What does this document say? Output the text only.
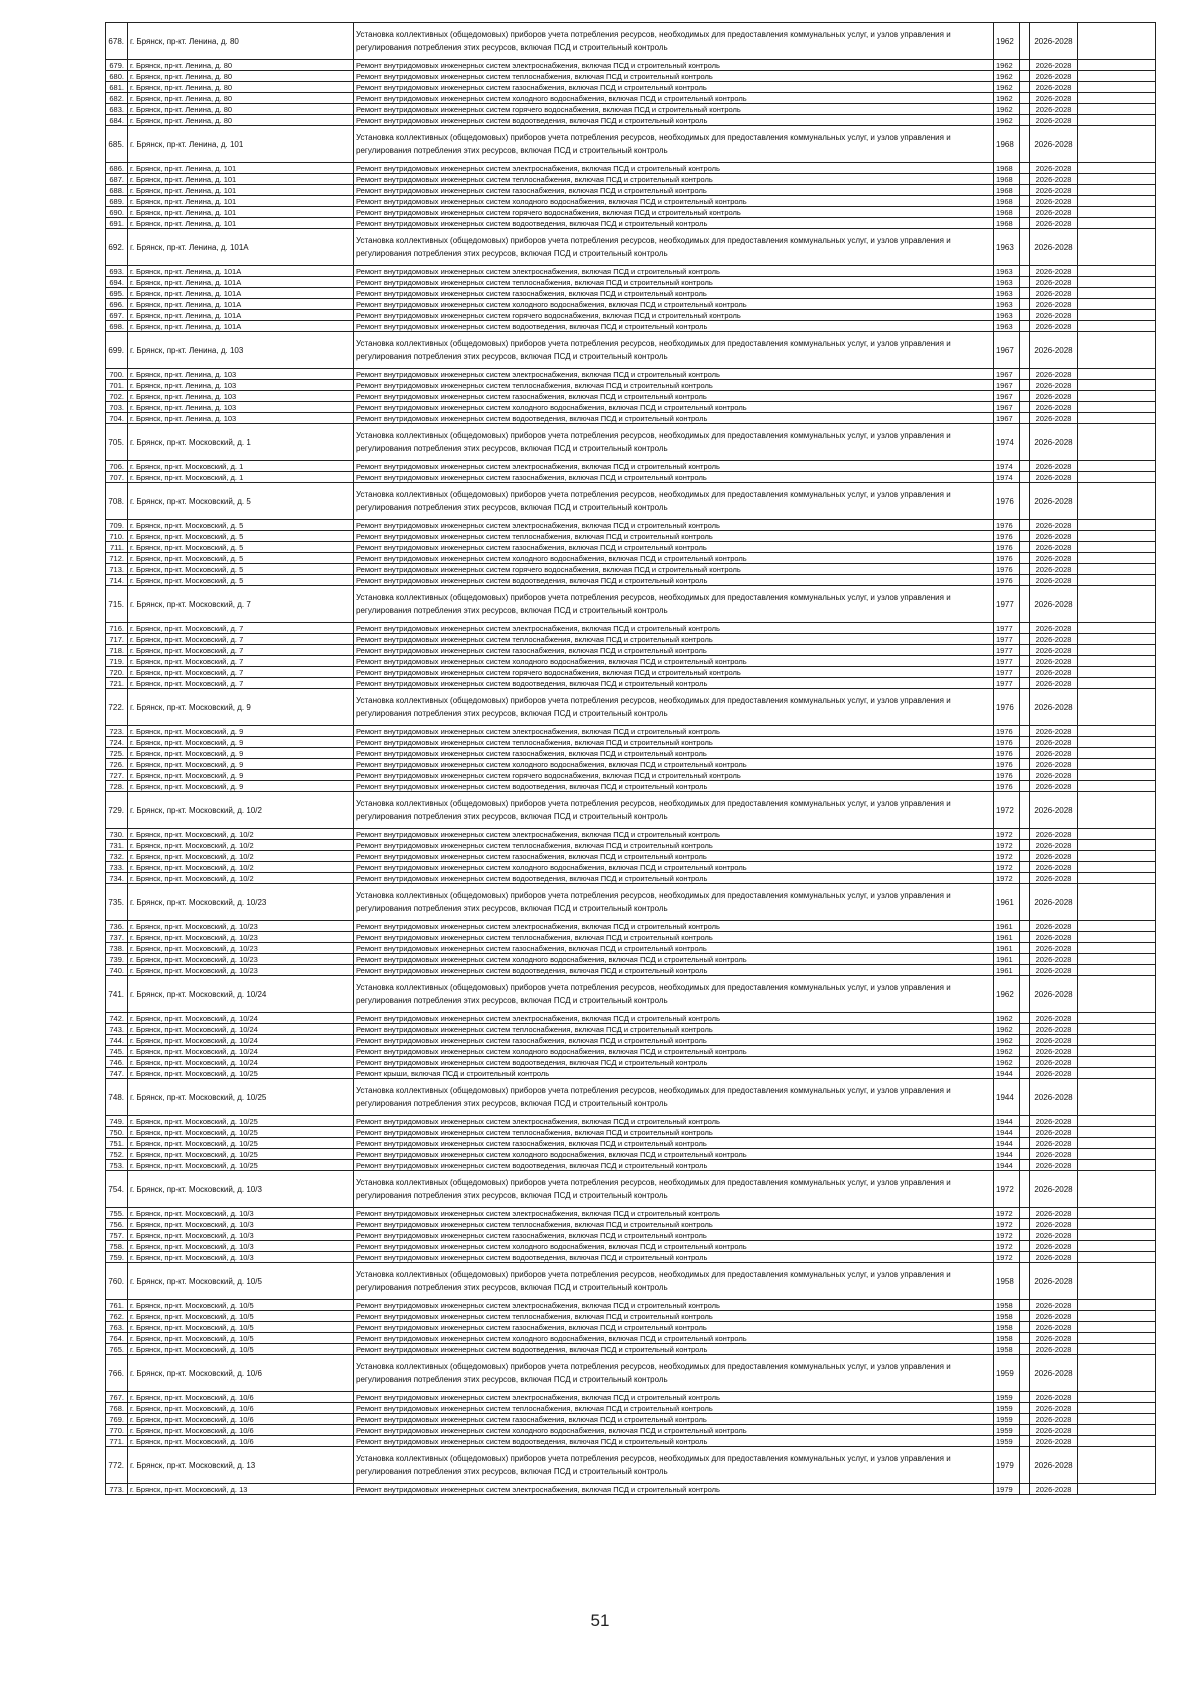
678.	г. Брянск, пр-кт. Ленина, д. 80	Установка коллективных (общедомовых) приборов учета потребления ресурсов, необходимых для предоставления коммунальных услуг, и узлов управления и регулирования потребления этих ресурсов, включая ПСД и строительный контроль	1962		2026-2028	
679.	г. Брянск, пр-кт. Ленина, д. 80	Ремонт внутридомовых инженерных систем электроснабжения, включая ПСД и строительный контроль	1962		2026-2028	
680.	г. Брянск, пр-кт. Ленина, д. 80	Ремонт внутридомовых инженерных систем теплоснабжения, включая ПСД и строительный контроль	1962		2026-2028	
681.	г. Брянск, пр-кт. Ленина, д. 80	Ремонт внутридомовых инженерных систем газоснабжения, включая ПСД и строительный контроль	1962		2026-2028	
682.	г. Брянск, пр-кт. Ленина, д. 80	Ремонт внутридомовых инженерных систем холодного водоснабжения, включая ПСД и строительный контроль	1962		2026-2028	
683.	г. Брянск, пр-кт. Ленина, д. 80	Ремонт внутридомовых инженерных систем горячего водоснабжения, включая ПСД и строительный контроль	1962		2026-2028	
684.	г. Брянск, пр-кт. Ленина, д. 80	Ремонт внутридомовых инженерных систем водоотведения, включая ПСД и строительный контроль	1962		2026-2028	
685.	г. Брянск, пр-кт. Ленина, д. 101	Установка коллективных (общедомовых) приборов учета потребления ресурсов, необходимых для предоставления коммунальных услуг, и узлов управления и регулирования потребления этих ресурсов, включая ПСД и строительный контроль	1968		2026-2028	
686.	г. Брянск, пр-кт. Ленина, д. 101	Ремонт внутридомовых инженерных систем электроснабжения, включая ПСД и строительный контроль	1968		2026-2028	
687.	г. Брянск, пр-кт. Ленина, д. 101	Ремонт внутридомовых инженерных систем теплоснабжения, включая ПСД и строительный контроль	1968		2026-2028	
688.	г. Брянск, пр-кт. Ленина, д. 101	Ремонт внутридомовых инженерных систем газоснабжения, включая ПСД и строительный контроль	1968		2026-2028	
689.	г. Брянск, пр-кт. Ленина, д. 101	Ремонт внутридомовых инженерных систем холодного водоснабжения, включая ПСД и строительный контроль	1968		2026-2028	
690.	г. Брянск, пр-кт. Ленина, д. 101	Ремонт внутридомовых инженерных систем горячего водоснабжения, включая ПСД и строительный контроль	1968		2026-2028	
691.	г. Брянск, пр-кт. Ленина, д. 101	Ремонт внутридомовых инженерных систем водоотведения, включая ПСД и строительный контроль	1968		2026-2028	
692.	г. Брянск, пр-кт. Ленина, д. 101А	Установка коллективных (общедомовых) приборов учета потребления ресурсов, необходимых для предоставления коммунальных услуг, и узлов управления и регулирования потребления этих ресурсов, включая ПСД и строительный контроль	1963		2026-2028	
693.	г. Брянск, пр-кт. Ленина, д. 101А	Ремонт внутридомовых инженерных систем электроснабжения, включая ПСД и строительный контроль	1963		2026-2028	
694.	г. Брянск, пр-кт. Ленина, д. 101А	Ремонт внутридомовых инженерных систем теплоснабжения, включая ПСД и строительный контроль	1963		2026-2028	
695.	г. Брянск, пр-кт. Ленина, д. 101А	Ремонт внутридомовых инженерных систем газоснабжения, включая ПСД и строительный контроль	1963		2026-2028	
696.	г. Брянск, пр-кт. Ленина, д. 101А	Ремонт внутридомовых инженерных систем холодного водоснабжения, включая ПСД и строительный контроль	1963		2026-2028	
697.	г. Брянск, пр-кт. Ленина, д. 101А	Ремонт внутридомовых инженерных систем горячего водоснабжения, включая ПСД и строительный контроль	1963		2026-2028	
698.	г. Брянск, пр-кт. Ленина, д. 101А	Ремонт внутридомовых инженерных систем водоотведения, включая ПСД и строительный контроль	1963		2026-2028	
699.	г. Брянск, пр-кт. Ленина, д. 103	Установка коллективных (общедомовых) приборов учета потребления ресурсов, необходимых для предоставления коммунальных услуг, и узлов управления и регулирования потребления этих ресурсов, включая ПСД и строительный контроль	1967		2026-2028	
700.	г. Брянск, пр-кт. Ленина, д. 103	Ремонт внутридомовых инженерных систем электроснабжения, включая ПСД и строительный контроль	1967		2026-2028	
701.	г. Брянск, пр-кт. Ленина, д. 103	Ремонт внутридомовых инженерных систем теплоснабжения, включая ПСД и строительный контроль	1967		2026-2028	
702.	г. Брянск, пр-кт. Ленина, д. 103	Ремонт внутридомовых инженерных систем газоснабжения, включая ПСД и строительный контроль	1967		2026-2028	
703.	г. Брянск, пр-кт. Ленина, д. 103	Ремонт внутридомовых инженерных систем холодного водоснабжения, включая ПСД и строительный контроль	1967		2026-2028	
704.	г. Брянск, пр-кт. Ленина, д. 103	Ремонт внутридомовых инженерных систем водоотведения, включая ПСД и строительный контроль	1967		2026-2028	
705.	г. Брянск, пр-кт. Московский, д. 1	Установка коллективных (общедомовых) приборов учета потребления ресурсов, необходимых для предоставления коммунальных услуг, и узлов управления и регулирования потребления этих ресурсов, включая ПСД и строительный контроль	1974		2026-2028	
706.	г. Брянск, пр-кт. Московский, д. 1	Ремонт внутридомовых инженерных систем электроснабжения, включая ПСД и строительный контроль	1974		2026-2028	
707.	г. Брянск, пр-кт. Московский, д. 1	Ремонт внутридомовых инженерных систем газоснабжения, включая ПСД и строительный контроль	1974		2026-2028	
708.	г. Брянск, пр-кт. Московский, д. 5	Установка коллективных (общедомовых) приборов учета потребления ресурсов, необходимых для предоставления коммунальных услуг, и узлов управления и регулирования потребления этих ресурсов, включая ПСД и строительный контроль	1976		2026-2028	
709.	г. Брянск, пр-кт. Московский, д. 5	Ремонт внутридомовых инженерных систем электроснабжения, включая ПСД и строительный контроль	1976		2026-2028	
710.	г. Брянск, пр-кт. Московский, д. 5	Ремонт внутридомовых инженерных систем теплоснабжения, включая ПСД и строительный контроль	1976		2026-2028	
711.	г. Брянск, пр-кт. Московский, д. 5	Ремонт внутридомовых инженерных систем газоснабжения, включая ПСД и строительный контроль	1976		2026-2028	
712.	г. Брянск, пр-кт. Московский, д. 5	Ремонт внутридомовых инженерных систем холодного водоснабжения, включая ПСД и строительный контроль	1976		2026-2028	
713.	г. Брянск, пр-кт. Московский, д. 5	Ремонт внутридомовых инженерных систем горячего водоснабжения, включая ПСД и строительный контроль	1976		2026-2028	
714.	г. Брянск, пр-кт. Московский, д. 5	Ремонт внутридомовых инженерных систем водоотведения, включая ПСД и строительный контроль	1976		2026-2028	
715.	г. Брянск, пр-кт. Московский, д. 7	Установка коллективных (общедомовых) приборов учета потребления ресурсов, необходимых для предоставления коммунальных услуг, и узлов управления и регулирования потребления этих ресурсов, включая ПСД и строительный контроль	1977		2026-2028	
716.	г. Брянск, пр-кт. Московский, д. 7	Ремонт внутридомовых инженерных систем электроснабжения, включая ПСД и строительный контроль	1977		2026-2028	
717.	г. Брянск, пр-кт. Московский, д. 7	Ремонт внутридомовых инженерных систем теплоснабжения, включая ПСД и строительный контроль	1977		2026-2028	
718.	г. Брянск, пр-кт. Московский, д. 7	Ремонт внутридомовых инженерных систем газоснабжения, включая ПСД и строительный контроль	1977		2026-2028	
719.	г. Брянск, пр-кт. Московский, д. 7	Ремонт внутридомовых инженерных систем холодного водоснабжения, включая ПСД и строительный контроль	1977		2026-2028	
720.	г. Брянск, пр-кт. Московский, д. 7	Ремонт внутридомовых инженерных систем горячего водоснабжения, включая ПСД и строительный контроль	1977		2026-2028	
721.	г. Брянск, пр-кт. Московский, д. 7	Ремонт внутридомовых инженерных систем водоотведения, включая ПСД и строительный контроль	1977		2026-2028	
722.	г. Брянск, пр-кт. Московский, д. 9	Установка коллективных (общедомовых) приборов учета потребления ресурсов, необходимых для предоставления коммунальных услуг, и узлов управления и регулирования потребления этих ресурсов, включая ПСД и строительный контроль	1976		2026-2028	
723.	г. Брянск, пр-кт. Московский, д. 9	Ремонт внутридомовых инженерных систем электроснабжения, включая ПСД и строительный контроль	1976		2026-2028	
724.	г. Брянск, пр-кт. Московский, д. 9	Ремонт внутридомовых инженерных систем теплоснабжения, включая ПСД и строительный контроль	1976		2026-2028	
725.	г. Брянск, пр-кт. Московский, д. 9	Ремонт внутридомовых инженерных систем газоснабжения, включая ПСД и строительный контроль	1976		2026-2028	
726.	г. Брянск, пр-кт. Московский, д. 9	Ремонт внутридомовых инженерных систем холодного водоснабжения, включая ПСД и строительный контроль	1976		2026-2028	
727.	г. Брянск, пр-кт. Московский, д. 9	Ремонт внутридомовых инженерных систем горячего водоснабжения, включая ПСД и строительный контроль	1976		2026-2028	
728.	г. Брянск, пр-кт. Московский, д. 9	Ремонт внутридомовых инженерных систем водоотведения, включая ПСД и строительный контроль	1976		2026-2028	
729.	г. Брянск, пр-кт. Московский, д. 10/2	Установка коллективных (общедомовых) приборов учета потребления ресурсов, необходимых для предоставления коммунальных услуг, и узлов управления и регулирования потребления этих ресурсов, включая ПСД и строительный контроль	1972		2026-2028	
730.	г. Брянск, пр-кт. Московский, д. 10/2	Ремонт внутридомовых инженерных систем электроснабжения, включая ПСД и строительный контроль	1972		2026-2028	
731.	г. Брянск, пр-кт. Московский, д. 10/2	Ремонт внутридомовых инженерных систем теплоснабжения, включая ПСД и строительный контроль	1972		2026-2028	
732.	г. Брянск, пр-кт. Московский, д. 10/2	Ремонт внутридомовых инженерных систем газоснабжения, включая ПСД и строительный контроль	1972		2026-2028	
733.	г. Брянск, пр-кт. Московский, д. 10/2	Ремонт внутридомовых инженерных систем холодного водоснабжения, включая ПСД и строительный контроль	1972		2026-2028	
734.	г. Брянск, пр-кт. Московский, д. 10/2	Ремонт внутридомовых инженерных систем водоотведения, включая ПСД и строительный контроль	1972		2026-2028	
735.	г. Брянск, пр-кт. Московский, д. 10/23	Установка коллективных (общедомовых) приборов учета потребления ресурсов, необходимых для предоставления коммунальных услуг, и узлов управления и регулирования потребления этих ресурсов, включая ПСД и строительный контроль	1961		2026-2028	
736.	г. Брянск, пр-кт. Московский, д. 10/23	Ремонт внутридомовых инженерных систем электроснабжения, включая ПСД и строительный контроль	1961		2026-2028	
737.	г. Брянск, пр-кт. Московский, д. 10/23	Ремонт внутридомовых инженерных систем теплоснабжения, включая ПСД и строительный контроль	1961		2026-2028	
738.	г. Брянск, пр-кт. Московский, д. 10/23	Ремонт внутридомовых инженерных систем газоснабжения, включая ПСД и строительный контроль	1961		2026-2028	
739.	г. Брянск, пр-кт. Московский, д. 10/23	Ремонт внутридомовых инженерных систем холодного водоснабжения, включая ПСД и строительный контроль	1961		2026-2028	
740.	г. Брянск, пр-кт. Московский, д. 10/23	Ремонт внутридомовых инженерных систем водоотведения, включая ПСД и строительный контроль	1961		2026-2028	
741.	г. Брянск, пр-кт. Московский, д. 10/24	Установка коллективных (общедомовых) приборов учета потребления ресурсов, необходимых для предоставления коммунальных услуг, и узлов управления и регулирования потребления этих ресурсов, включая ПСД и строительный контроль	1962		2026-2028	
742.	г. Брянск, пр-кт. Московский, д. 10/24	Ремонт внутридомовых инженерных систем электроснабжения, включая ПСД и строительный контроль	1962		2026-2028	
743.	г. Брянск, пр-кт. Московский, д. 10/24	Ремонт внутридомовых инженерных систем теплоснабжения, включая ПСД и строительный контроль	1962		2026-2028	
744.	г. Брянск, пр-кт. Московский, д. 10/24	Ремонт внутридомовых инженерных систем газоснабжения, включая ПСД и строительный контроль	1962		2026-2028	
745.	г. Брянск, пр-кт. Московский, д. 10/24	Ремонт внутридомовых инженерных систем холодного водоснабжения, включая ПСД и строительный контроль	1962		2026-2028	
746.	г. Брянск, пр-кт. Московский, д. 10/24	Ремонт внутридомовых инженерных систем водоотведения, включая ПСД и строительный контроль	1962		2026-2028	
747.	г. Брянск, пр-кт. Московский, д. 10/25	Ремонт крыши, включая ПСД и строительный контроль	1944		2026-2028	
748.	г. Брянск, пр-кт. Московский, д. 10/25	Установка коллективных (общедомовых) приборов учета потребления ресурсов, необходимых для предоставления коммунальных услуг, и узлов управления и регулирования потребления этих ресурсов, включая ПСД и строительный контроль	1944		2026-2028	
749.	г. Брянск, пр-кт. Московский, д. 10/25	Ремонт внутридомовых инженерных систем электроснабжения, включая ПСД и строительный контроль	1944		2026-2028	
750.	г. Брянск, пр-кт. Московский, д. 10/25	Ремонт внутридомовых инженерных систем теплоснабжения, включая ПСД и строительный контроль	1944		2026-2028	
751.	г. Брянск, пр-кт. Московский, д. 10/25	Ремонт внутридомовых инженерных систем газоснабжения, включая ПСД и строительный контроль	1944		2026-2028	
752.	г. Брянск, пр-кт. Московский, д. 10/25	Ремонт внутридомовых инженерных систем холодного водоснабжения, включая ПСД и строительный контроль	1944		2026-2028	
753.	г. Брянск, пр-кт. Московский, д. 10/25	Ремонт внутридомовых инженерных систем водоотведения, включая ПСД и строительный контроль	1944		2026-2028	
754.	г. Брянск, пр-кт. Московский, д. 10/3	Установка коллективных (общедомовых) приборов учета потребления ресурсов, необходимых для предоставления коммунальных услуг, и узлов управления и регулирования потребления этих ресурсов, включая ПСД и строительный контроль	1972		2026-2028	
755.	г. Брянск, пр-кт. Московский, д. 10/3	Ремонт внутридомовых инженерных систем электроснабжения, включая ПСД и строительный контроль	1972		2026-2028	
756.	г. Брянск, пр-кт. Московский, д. 10/3	Ремонт внутридомовых инженерных систем теплоснабжения, включая ПСД и строительный контроль	1972		2026-2028	
757.	г. Брянск, пр-кт. Московский, д. 10/3	Ремонт внутридомовых инженерных систем газоснабжения, включая ПСД и строительный контроль	1972		2026-2028	
758.	г. Брянск, пр-кт. Московский, д. 10/3	Ремонт внутридомовых инженерных систем холодного водоснабжения, включая ПСД и строительный контроль	1972		2026-2028	
759.	г. Брянск, пр-кт. Московский, д. 10/3	Ремонт внутридомовых инженерных систем водоотведения, включая ПСД и строительный контроль	1972		2026-2028	
760.	г. Брянск, пр-кт. Московский, д. 10/5	Установка коллективных (общедомовых) приборов учета потребления ресурсов, необходимых для предоставления коммунальных услуг, и узлов управления и регулирования потребления этих ресурсов, включая ПСД и строительный контроль	1958		2026-2028	
761.	г. Брянск, пр-кт. Московский, д. 10/5	Ремонт внутридомовых инженерных систем электроснабжения, включая ПСД и строительный контроль	1958		2026-2028	
762.	г. Брянск, пр-кт. Московский, д. 10/5	Ремонт внутридомовых инженерных систем теплоснабжения, включая ПСД и строительный контроль	1958		2026-2028	
763.	г. Брянск, пр-кт. Московский, д. 10/5	Ремонт внутридомовых инженерных систем газоснабжения, включая ПСД и строительный контроль	1958		2026-2028	
764.	г. Брянск, пр-кт. Московский, д. 10/5	Ремонт внутридомовых инженерных систем холодного водоснабжения, включая ПСД и строительный контроль	1958		2026-2028	
765.	г. Брянск, пр-кт. Московский, д. 10/5	Ремонт внутридомовых инженерных систем водоотведения, включая ПСД и строительный контроль	1958		2026-2028	
766.	г. Брянск, пр-кт. Московский, д. 10/6	Установка коллективных (общедомовых) приборов учета потребления ресурсов, необходимых для предоставления коммунальных услуг, и узлов управления и регулирования потребления этих ресурсов, включая ПСД и строительный контроль	1959		2026-2028	
767.	г. Брянск, пр-кт. Московский, д. 10/6	Ремонт внутридомовых инженерных систем электроснабжения, включая ПСД и строительный контроль	1959		2026-2028	
768.	г. Брянск, пр-кт. Московский, д. 10/6	Ремонт внутридомовых инженерных систем теплоснабжения, включая ПСД и строительный контроль	1959		2026-2028	
769.	г. Брянск, пр-кт. Московский, д. 10/6	Ремонт внутридомовых инженерных систем газоснабжения, включая ПСД и строительный контроль	1959		2026-2028	
770.	г. Брянск, пр-кт. Московский, д. 10/6	Ремонт внутридомовых инженерных систем холодного водоснабжения, включая ПСД и строительный контроль	1959		2026-2028	
771.	г. Брянск, пр-кт. Московский, д. 10/6	Ремонт внутридомовых инженерных систем водоотведения, включая ПСД и строительный контроль	1959		2026-2028	
772.	г. Брянск, пр-кт. Московский, д. 13	Установка коллективных (общедомовых) приборов учета потребления ресурсов, необходимых для предоставления коммунальных услуг, и узлов управления и регулирования потребления этих ресурсов, включая ПСД и строительный контроль	1979		2026-2028	
773.	г. Брянск, пр-кт. Московский, д. 13	Ремонт внутридомовых инженерных систем электроснабжения, включая ПСД и строительный контроль	1979		2026-2028	
51
